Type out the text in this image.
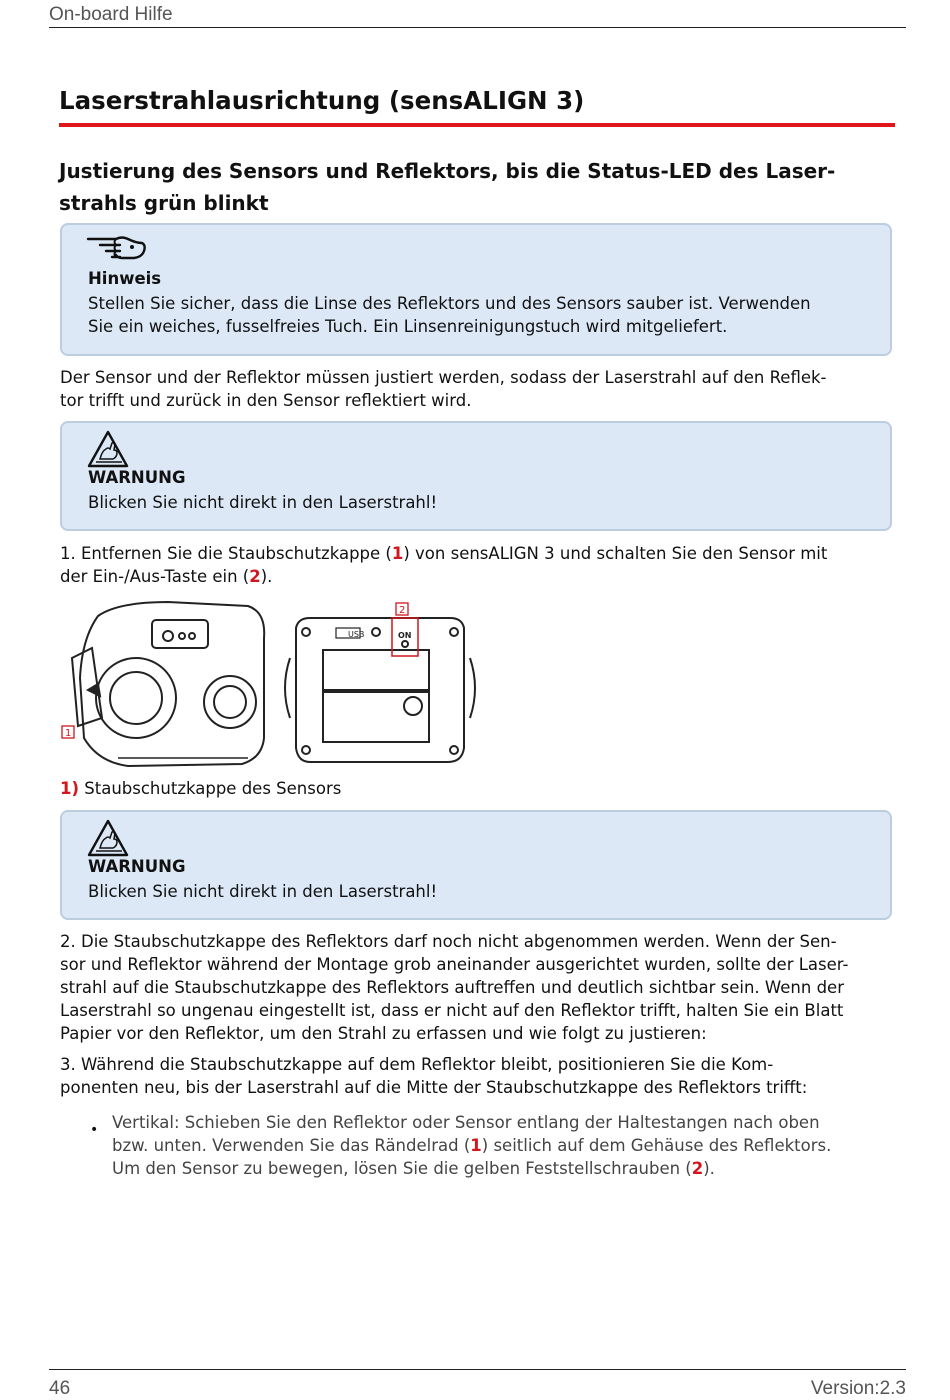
On-board Hilfe
Laserstrahlausrichtung (sensALIGN 3)
Justierung des Sensors und Reflektors, bis die Status-LED des Laser-
strahls grün blinkt
Hinweis
Stellen Sie sicher, dass die Linse des Reflektors und des Sensors sauber ist. Verwenden
Sie ein weiches, fusselfreies Tuch. Ein Linsenreinigungstuch wird mitgeliefert.
Der Sensor und der Reflektor müssen justiert werden, sodass der Laserstrahl auf den Reflek-
tor trifft und zurück in den Sensor reflektiert wird.
WARNUNG
Blicken Sie nicht direkt in den Laserstrahl!
1. Entfernen Sie die Staubschutzkappe (1) von sensALIGN 3 und schalten Sie den Sensor mit
der Ein-/Aus-Taste ein (2).
USB	ON
1
2
1) Staubschutzkappe des Sensors
WARNUNG
Blicken Sie nicht direkt in den Laserstrahl!
2. Die Staubschutzkappe des Reflektors darf noch nicht abgenommen werden. Wenn der Sen-
sor und Reflektor während der Montage grob aneinander ausgerichtet wurden, sollte der Laser-
strahl auf die Staubschutzkappe des Reflektors auftreffen und deutlich sichtbar sein. Wenn der
Laserstrahl so ungenau eingestellt ist, dass er nicht auf den Reflektor trifft, halten Sie ein Blatt
Papier vor den Reflektor, um den Strahl zu erfassen und wie folgt zu justieren:
3. Während die Staubschutzkappe auf dem Reflektor bleibt, positionieren Sie die Kom-
ponenten neu, bis der Laserstrahl auf die Mitte der Staubschutzkappe des Reflektors trifft:
• Vertikal: Schieben Sie den Reflektor oder Sensor entlang der Haltestangen nach oben
bzw. unten. Verwenden Sie das Rändelrad (1) seitlich auf dem Gehäuse des Reflektors.
Um den Sensor zu bewegen, lösen Sie die gelben Feststellschrauben (2).
46	Version:2.3
